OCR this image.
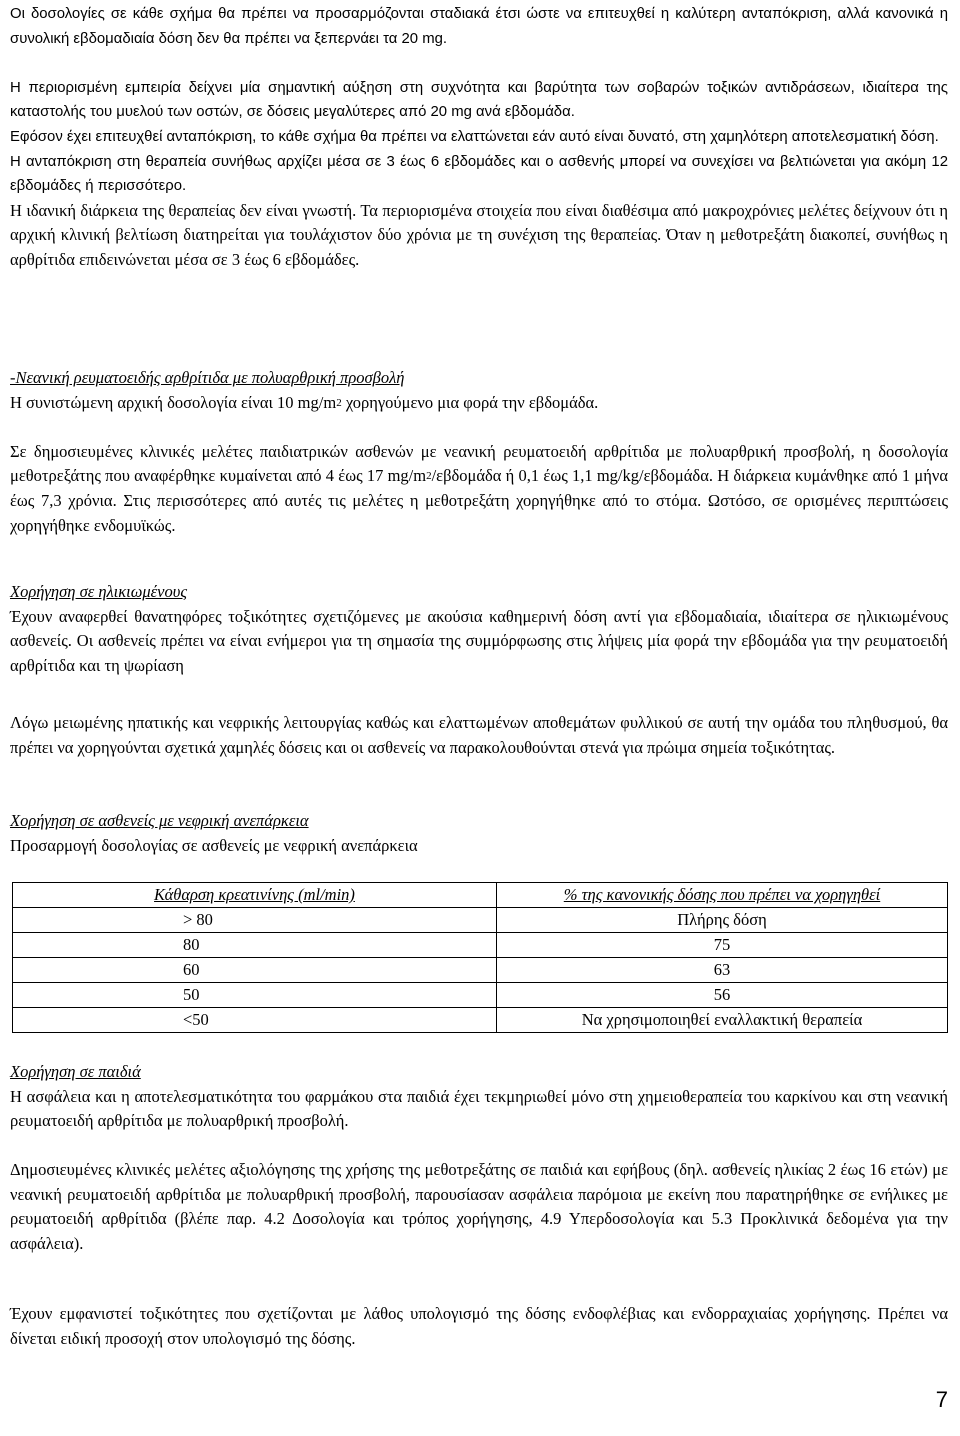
Οι δοσολογίες σε κάθε σχήμα θα πρέπει να προσαρμόζονται σταδιακά έτσι ώστε να επιτευχθεί η καλύτερη ανταπόκριση, αλλά κανονικά η συνολική εβδομαδιαία δόση δεν θα πρέπει να ξεπερνάει τα 20 mg.

Η περιορισμένη εμπειρία δείχνει μία σημαντική αύξηση στη συχνότητα και βαρύτητα των σοβαρών τοξικών αντιδράσεων, ιδιαίτερα της καταστολής του μυελού των οστών, σε δόσεις μεγαλύτερες από 20 mg ανά εβδομάδα.

Εφόσον έχει επιτευχθεί ανταπόκριση, το κάθε σχήμα θα πρέπει να ελαττώνεται εάν αυτό είναι δυνατό, στη χαμηλότερη αποτελεσματική δόση.

Η ανταπόκριση στη θεραπεία συνήθως αρχίζει μέσα σε 3 έως 6 εβδομάδες και ο ασθενής μπορεί να συνεχίσει να βελτιώνεται για ακόμη 12 εβδομάδες ή περισσότερο.

Η ιδανική διάρκεια της θεραπείας δεν είναι γνωστή. Τα περιορισμένα στοιχεία που είναι διαθέσιμα από μακροχρόνιες μελέτες δείχνουν ότι η αρχική κλινική βελτίωση διατηρείται για τουλάχιστον δύο χρόνια με τη συνέχιση της θεραπείας. Όταν η μεθοτρεξάτη διακοπεί, συνήθως η αρθρίτιδα επιδεινώνεται μέσα σε 3 έως 6 εβδομάδες.

-Νεανική ρευματοειδής αρθρίτιδα με πολυαρθρική προσβολή

Η συνιστώμενη αρχική δοσολογία είναι 10 $mg/m^2$ χορηγούμενο μια φορά την εβδομάδα.

Σε δημοσιευμένες κλινικές μελέτες παιδιατρικών ασθενών με νεανική ρευματοειδή αρθρίτιδα με πολυαρθρική προσβολή, η δοσολογία μεθοτρεξάτης που αναφέρθηκε κυμαίνεται από 4 έως 17 $mg/m^2$/εβδομάδα ή 0,1 έως 1,1 mg/kg/εβδομάδα. Η διάρκεια κυμάνθηκε από 1 μήνα έως 7,3 χρόνια. Στις περισσότερες από αυτές τις μελέτες η μεθοτρεξάτη χορηγήθηκε από το στόμα. Ωστόσο, σε ορισμένες περιπτώσεις χορηγήθηκε ενδομυϊκώς.

Χορήγηση σε ηλικιωμένους

Έχουν αναφερθεί θανατηφόρες τοξικότητες σχετιζόμενες με ακούσια καθημερινή δόση αντί για εβδομαδιαία, ιδιαίτερα σε ηλικιωμένους ασθενείς. Οι ασθενείς πρέπει να είναι ενήμεροι για τη σημασία της συμμόρφωσης στις λήψεις μία φορά την εβδομάδα για την ρευματοειδή αρθρίτιδα και τη ψωρίαση

Λόγω μειωμένης ηπατικής και νεφρικής λειτουργίας καθώς και ελαττωμένων αποθεμάτων φυλλικού σε αυτή την ομάδα του πληθυσμού, θα πρέπει να χορηγούνται σχετικά χαμηλές δόσεις και οι ασθενείς να παρακολουθούνται στενά για πρώιμα σημεία τοξικότητας.

Χορήγηση σε ασθενείς με νεφρική ανεπάρκεια

Προσαρμογή δοσολογίας σε ασθενείς με νεφρική ανεπάρκεια

Κάθαρση κρεατινίνης (ml/min)	% της κανονικής δόσης που πρέπει να χορηγηθεί
> 80	Πλήρης δόση
80	75
60	63
50	56
<50	Να χρησιμοποιηθεί εναλλακτική θεραπεία

Χορήγηση σε παιδιά

Η ασφάλεια και η αποτελεσματικότητα του φαρμάκου στα παιδιά έχει τεκμηριωθεί μόνο στη χημειοθεραπεία του καρκίνου και στη νεανική ρευματοειδή αρθρίτιδα με πολυαρθρική προσβολή.

Δημοσιευμένες κλινικές μελέτες αξιολόγησης της χρήσης της μεθοτρεξάτης σε παιδιά και εφήβους (δηλ. ασθενείς ηλικίας 2 έως 16 ετών) με νεανική ρευματοειδή αρθρίτιδα με πολυαρθρική προσβολή, παρουσίασαν ασφάλεια παρόμοια με εκείνη που παρατηρήθηκε σε ενήλικες με ρευματοειδή αρθρίτιδα (βλέπε παρ. 4.2 Δοσολογία και τρόπος χορήγησης, 4.9 Υπερδοσολογία και 5.3 Προκλινικά δεδομένα για την ασφάλεια).

Έχουν εμφανιστεί τοξικότητες που σχετίζονται με λάθος υπολογισμό της δόσης ενδοφλέβιας και ενδορραχιαίας χορήγησης. Πρέπει να δίνεται ειδική προσοχή στον υπολογισμό της δόσης.

7
